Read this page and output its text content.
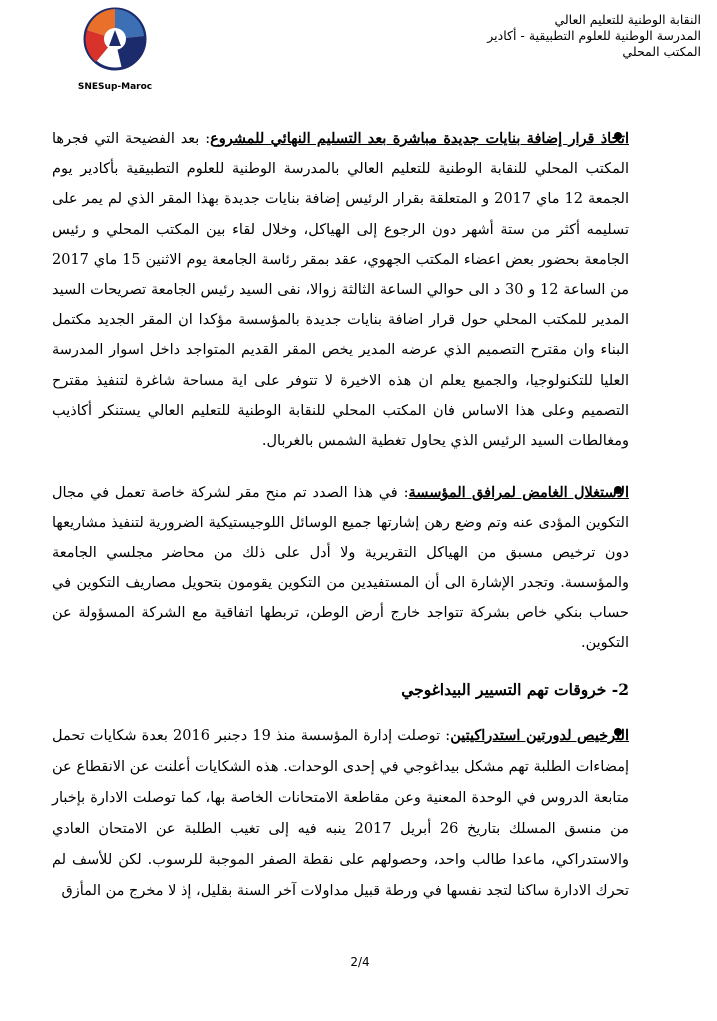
النقابة الوطنية للتعليم العالي
المدرسة الوطنية للعلوم التطبيقية - أكادير
المكتب المحلي
SNESup-Maroc

اتخاذ قرار إضافة بنايات جديدة مباشرة بعد التسليم النهائي للمشروع: بعد الفضيحة التي فجرها المكتب المحلي للنقابة الوطنية للتعليم العالي بالمدرسة الوطنية للعلوم التطبيقية بأكادير يوم الجمعة 12 ماي 2017 و المتعلقة بقرار الرئيس إضافة بنايات جديدة بهذا المقر الذي لم يمر على تسليمه أكثر من ستة أشهر دون الرجوع إلى الهياكل، وخلال لقاء بين المكتب المحلي و رئيس الجامعة بحضور بعض اعضاء المكتب الجهوي، عقد بمقر رئاسة الجامعة يوم الاثنين 15 ماي 2017 من الساعة 12 و 30 د الى حوالي الساعة الثالثة زوالا، نفى السيد رئيس الجامعة تصريحات السيد المدير للمكتب المحلي حول قرار اضافة بنايات جديدة بالمؤسسة مؤكدا ان المقر الجديد مكتمل البناء وان مقترح التصميم الذي عرضه المدير يخص المقر القديم المتواجد داخل اسوار المدرسة العليا للتكنولوجيا، والجميع يعلم ان هذه الاخيرة لا تتوفر على اية مساحة شاغرة لتنفيذ مقترح التصميم وعلى هذا الاساس فان المكتب المحلي للنقابة الوطنية للتعليم العالي يستنكر أكاذيب ومغالطات السيد الرئيس الذي يحاول تغطية الشمس بالغربال.

الاستغلال الغامض لمرافق المؤسسة: في هذا الصدد تم منح مقر لشركة خاصة تعمل في مجال التكوين المؤدى عنه وتم وضع رهن إشارتها جميع الوسائل اللوجيستيكية الضرورية لتنفيذ مشاريعها دون ترخيص مسبق من الهياكل التقريرية ولا أدل على ذلك من محاضر مجلسي الجامعة والمؤسسة. وتجدر الإشارة الى أن المستفيدين من التكوين يقومون بتحويل مصاريف التكوين في حساب بنكي خاص بشركة تتواجد خارج أرض الوطن، تربطها اتفاقية مع الشركة المسؤولة عن التكوين.

2- خروقات تهم التسيير البيداغوجي

الترخيص لدورتين استدراكيتين: توصلت إدارة المؤسسة منذ 19 دجنبر 2016 بعدة شكايات تحمل إمضاءات الطلبة تهم مشكل بيداغوجي في إحدى الوحدات. هذه الشكايات أعلنت عن الانقطاع عن متابعة الدروس في الوحدة المعنية وعن مقاطعة الامتحانات الخاصة بها، كما توصلت الادارة بإخبار من منسق المسلك بتاريخ 26 أبريل 2017 ينبه فيه إلى تغيب الطلبة عن الامتحان العادي والاستدراكي، ماعدا طالب واحد، وحصولهم على نقطة الصفر الموجبة للرسوب. لكن للأسف لم تحرك الادارة ساكنا لتجد نفسها في ورطة قبيل مداولات آخر السنة بقليل، إذ لا مخرج من المأزق

2/4
